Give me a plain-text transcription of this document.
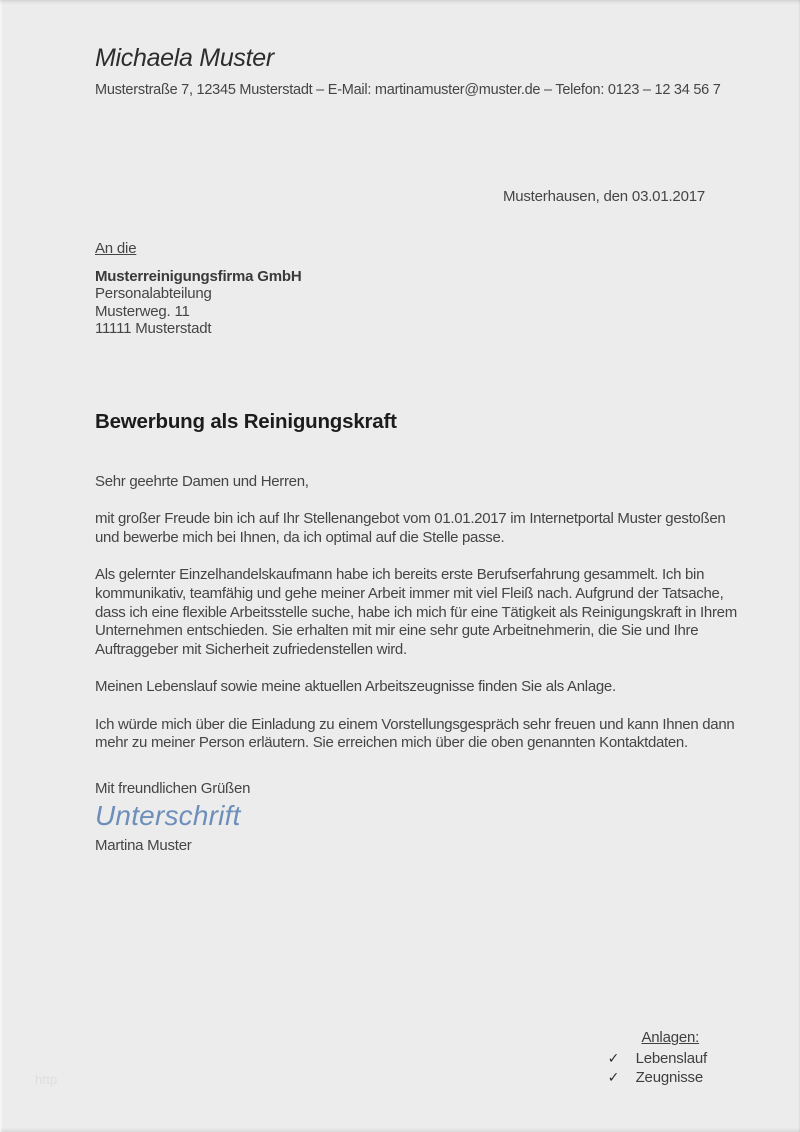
Michaela Muster
Musterstraße 7, 12345 Musterstadt – E-Mail: martinamuster@muster.de – Telefon: 0123 – 12 34 56 7
Musterhausen, den 03.01.2017
An die
Musterreinigungsfirma GmbH
Personalabteilung
Musterweg. 11
11111 Musterstadt
Bewerbung als Reinigungskraft

Sehr geehrte Damen und Herren,

mit großer Freude bin ich auf Ihr Stellenangebot vom 01.01.2017 im Internetportal Muster gestoßen und bewerbe mich bei Ihnen, da ich optimal auf die Stelle passe.

Als gelernter Einzelhandelskaufmann habe ich bereits erste Berufserfahrung gesammelt. Ich bin kommunikativ, teamfähig und gehe meiner Arbeit immer mit viel Fleiß nach. Aufgrund der Tatsache, dass ich eine flexible Arbeitsstelle suche, habe ich mich für eine Tätigkeit als Reinigungskraft in Ihrem Unternehmen entschieden. Sie erhalten mit mir eine sehr gute Arbeitnehmerin, die Sie und Ihre Auftraggeber mit Sicherheit zufriedenstellen wird.

Meinen Lebenslauf sowie meine aktuellen Arbeitszeugnisse finden Sie als Anlage.

Ich würde mich über die Einladung zu einem Vorstellungsgespräch sehr freuen und kann Ihnen dann mehr zu meiner Person erläutern. Sie erreichen mich über die oben genannten Kontaktdaten.

Mit freundlichen Grüßen
Unterschrift
Martina Muster
Anlagen:
✓ Lebenslauf
✓ Zeugnisse
http
